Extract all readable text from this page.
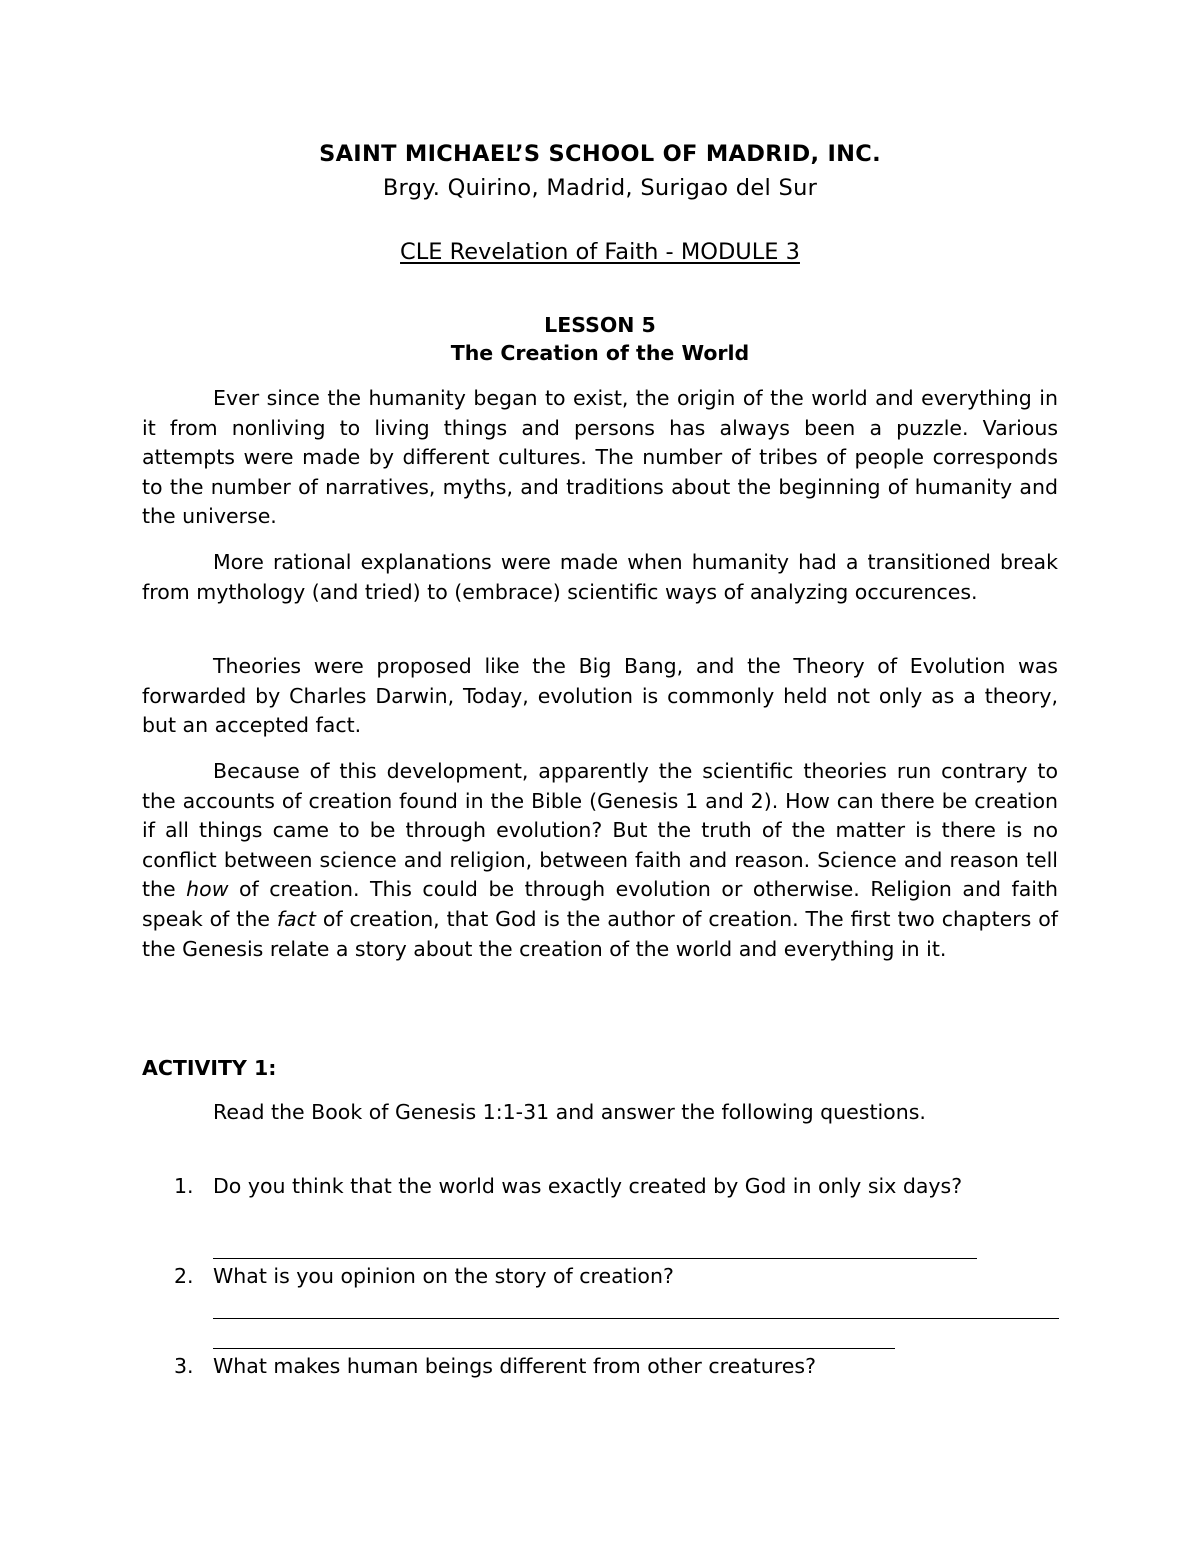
SAINT MICHAEL’S SCHOOL OF MADRID, INC.
Brgy. Quirino, Madrid, Surigao del Sur
CLE Revelation of Faith - MODULE 3
LESSON 5
The Creation of the World

Ever since the humanity began to exist, the origin of the world and everything in it from nonliving to living things and persons has always been a puzzle. Various attempts were made by different cultures. The number of tribes of people corresponds to the number of narratives, myths, and traditions about the beginning of humanity and the universe.

More rational explanations were made when humanity had a transitioned break from mythology (and tried) to (embrace) scientific ways of analyzing occurences.

Theories were proposed like the Big Bang, and the Theory of Evolution was forwarded by Charles Darwin, Today, evolution is commonly held not only as a theory, but an accepted fact.

Because of this development, apparently the scientific theories run contrary to the accounts of creation found in the Bible (Genesis 1 and 2). How can there be creation if all things came to be through evolution? But the truth of the matter is there is no conflict between science and religion, between faith and reason. Science and reason tell the how of creation. This could be through evolution or otherwise. Religion and faith speak of the fact of creation, that God is the author of creation. The first two chapters of the Genesis relate a story about the creation of the world and everything in it.

ACTIVITY 1:
Read the Book of Genesis 1:1-31 and answer the following questions.
1. Do you think that the world was exactly created by God in only six days?
2. What is you opinion on the story of creation?
3. What makes human beings different from other creatures?
